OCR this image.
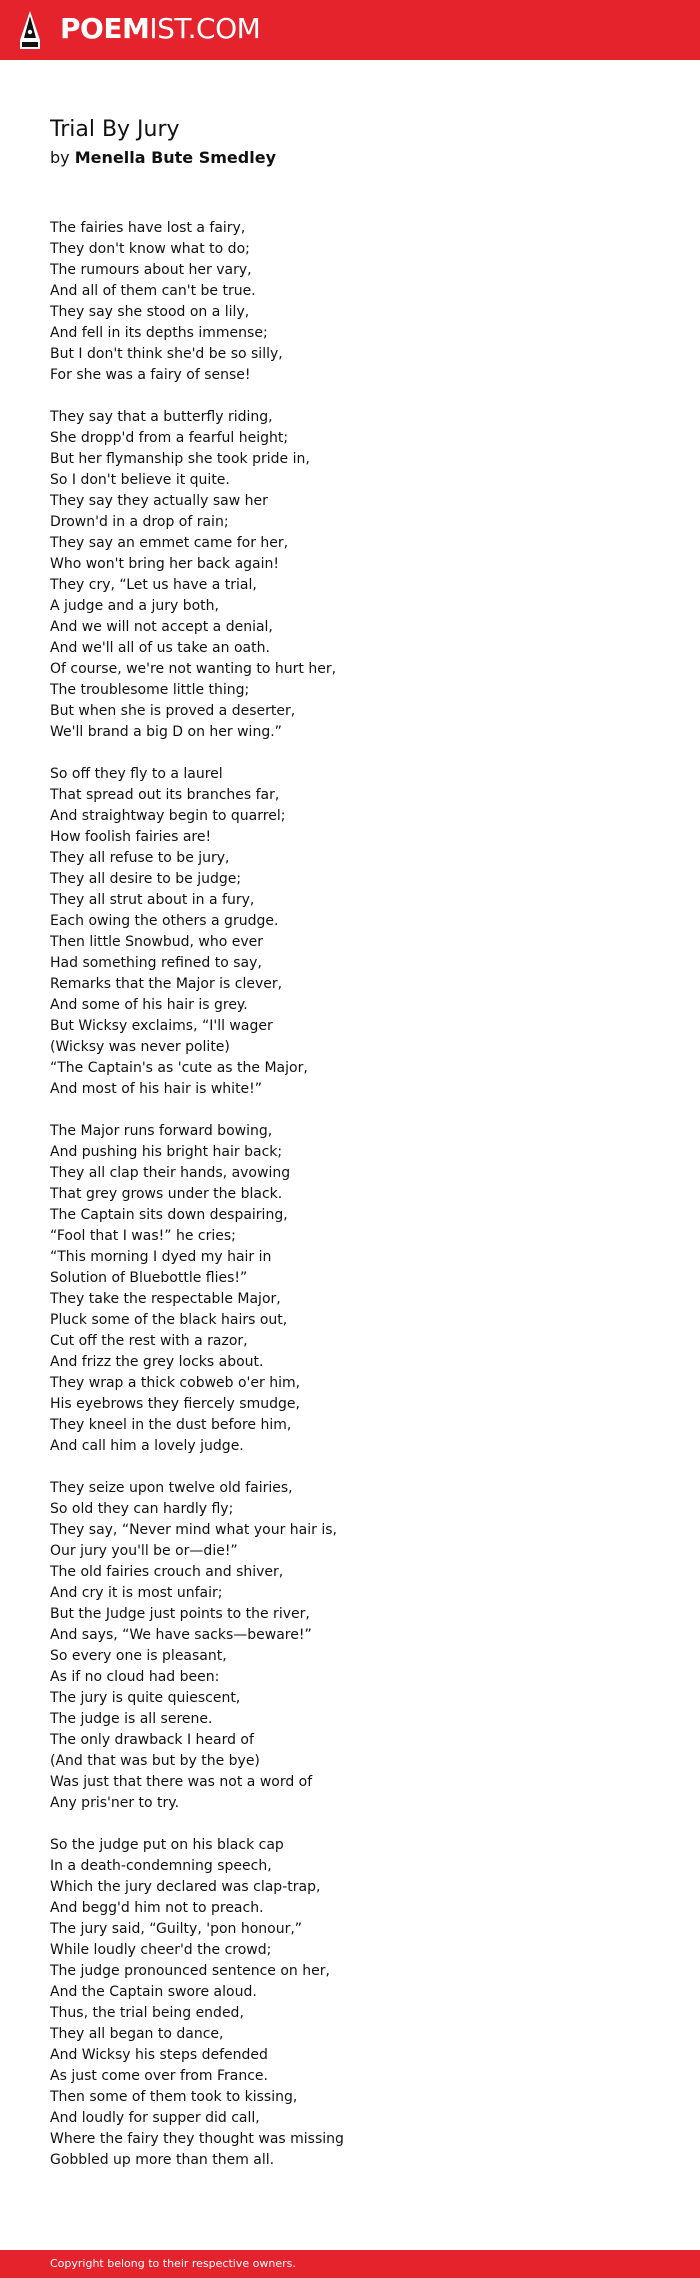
POEMIST.COM
Trial By Jury
by Menella Bute Smedley
The fairies have lost a fairy,
They don't know what to do;
The rumours about her vary,
And all of them can't be true.
They say she stood on a lily,
And fell in its depths immense;
But I don't think she'd be so silly,
For she was a fairy of sense!
They say that a butterfly riding,
She dropp'd from a fearful height;
But her flymanship she took pride in,
So I don't believe it quite.
They say they actually saw her
Drown'd in a drop of rain;
They say an emmet came for her,
Who won't bring her back again!
They cry, “Let us have a trial,
A judge and a jury both,
And we will not accept a denial,
And we'll all of us take an oath.
Of course, we're not wanting to hurt her,
The troublesome little thing;
But when she is proved a deserter,
We'll brand a big D on her wing.”
So off they fly to a laurel
That spread out its branches far,
And straightway begin to quarrel;
How foolish fairies are!
They all refuse to be jury,
They all desire to be judge;
They all strut about in a fury,
Each owing the others a grudge.
Then little Snowbud, who ever
Had something refined to say,
Remarks that the Major is clever,
And some of his hair is grey.
But Wicksy exclaims, “I'll wager
(Wicksy was never polite)
“The Captain's as 'cute as the Major,
And most of his hair is white!”
The Major runs forward bowing,
And pushing his bright hair back;
They all clap their hands, avowing
That grey grows under the black.
The Captain sits down despairing,
“Fool that I was!” he cries;
“This morning I dyed my hair in
Solution of Bluebottle flies!”
They take the respectable Major,
Pluck some of the black hairs out,
Cut off the rest with a razor,
And frizz the grey locks about.
They wrap a thick cobweb o'er him,
His eyebrows they fiercely smudge,
They kneel in the dust before him,
And call him a lovely judge.
They seize upon twelve old fairies,
So old they can hardly fly;
They say, “Never mind what your hair is,
Our jury you'll be or—die!”
The old fairies crouch and shiver,
And cry it is most unfair;
But the Judge just points to the river,
And says, “We have sacks—beware!”
So every one is pleasant,
As if no cloud had been:
The jury is quite quiescent,
The judge is all serene.
The only drawback I heard of
(And that was but by the bye)
Was just that there was not a word of
Any pris'ner to try.
So the judge put on his black cap
In a death-condemning speech,
Which the jury declared was clap-trap,
And begg'd him not to preach.
The jury said, “Guilty, 'pon honour,”
While loudly cheer'd the crowd;
The judge pronounced sentence on her,
And the Captain swore aloud.
Thus, the trial being ended,
They all began to dance,
And Wicksy his steps defended
As just come over from France.
Then some of them took to kissing,
And loudly for supper did call,
Where the fairy they thought was missing
Gobbled up more than them all.
Copyright belong to their respective owners.
